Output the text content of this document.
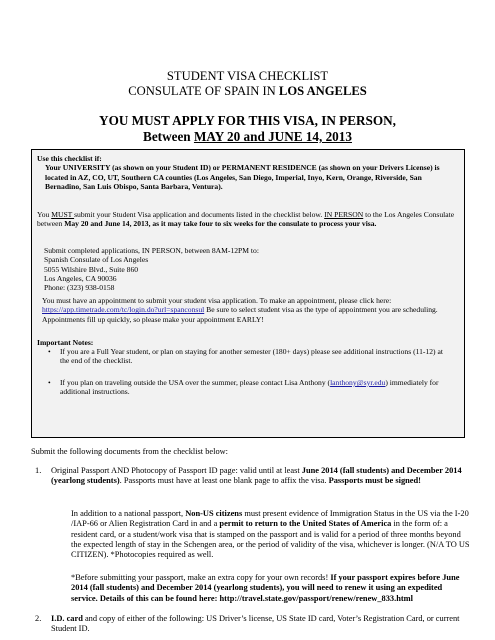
STUDENT VISA CHECKLIST
CONSULATE OF SPAIN IN LOS ANGELES
YOU MUST APPLY FOR THIS VISA, IN PERSON,
Between MAY 20 and JUNE 14, 2013
Use this checklist if:
Your UNIVERSITY (as shown on your Student ID) or PERMANENT RESIDENCE (as shown on your Drivers License) is located in AZ, CO, UT, Southern CA counties (Los Angeles, San Diego, Imperial, Inyo, Kern, Orange, Riverside, San Bernadino, San Luis Obispo, Santa Barbara, Ventura).
You MUST submit your Student Visa application and documents listed in the checklist below. IN PERSON to the Los Angeles Consulate between May 20 and June 14, 2013, as it may take four to six weeks for the consulate to process your visa.
Submit completed applications, IN PERSON, between 8AM-12PM to:
Spanish Consulate of Los Angeles
5055 Wilshire Blvd., Suite 860
Los Angeles, CA 90036
Phone: (323) 938-0158
You must have an appointment to submit your student visa application. To make an appointment, please click here: https://app.timetrade.com/tc/login.do?url=spanconsul Be sure to select student visa as the type of appointment you are scheduling. Appointments fill up quickly, so please make your appointment EARLY!
Important Notes:
•	If you are a Full Year student, or plan on staying for another semester (180+ days) please see additional instructions (11-12) at the end of the checklist.
•	If you plan on traveling outside the USA over the summer, please contact Lisa Anthony (lanthony@syr.edu) immediately for additional instructions.
Submit the following documents from the checklist below:
1. Original Passport AND Photocopy of Passport ID page: valid until at least June 2014 (fall students) and December 2014 (yearlong students). Passports must have at least one blank page to affix the visa. Passports must be signed!
In addition to a national passport, Non-US citizens must present evidence of Immigration Status in the US via the I-20 /IAP-66 or Alien Registration Card in and a permit to return to the United States of America in the form of: a resident card, or a student/work visa that is stamped on the passport and is valid for a period of three months beyond the expected length of stay in the Schengen area, or the period of validity of the visa, whichever is longer. (N/A TO US CITIZEN). *Photocopies required as well.
*Before submitting your passport, make an extra copy for your own records! If your passport expires before June 2014 (fall students) and December 2014 (yearlong students), you will need to renew it using an expedited service. Details of this can be found here: http://travel.state.gov/passport/renew/renew_833.html
2. I.D. card and copy of either of the following: US Driver’s license, US State ID card, Voter’s Registration Card, or current Student ID.
